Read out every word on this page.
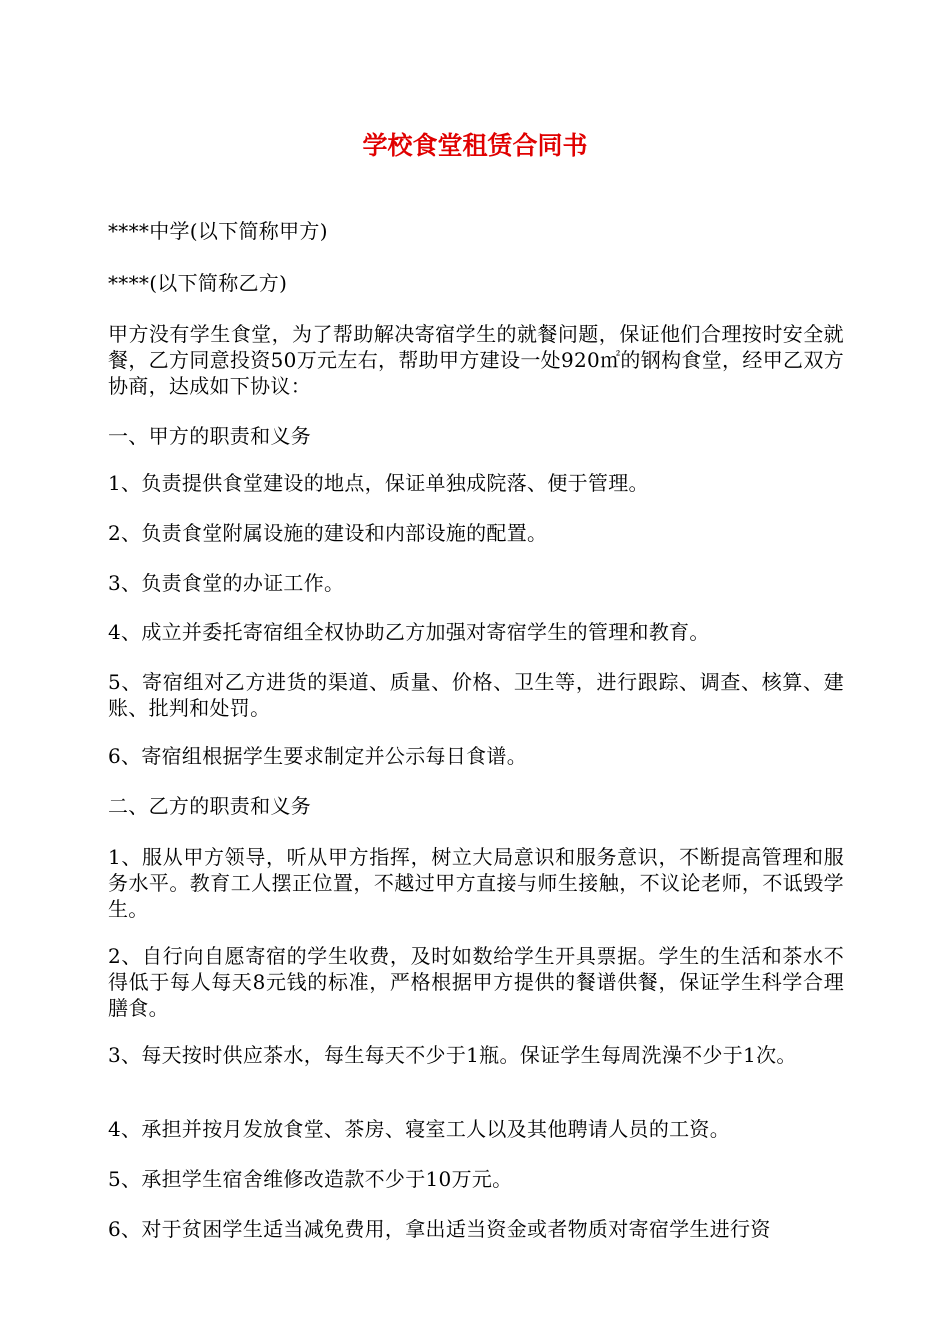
学校食堂租赁合同书

****中学(以下简称甲方)

****(以下简称乙方)

甲方没有学生食堂，为了帮助解决寄宿学生的就餐问题，保证他们合理按时安全就餐，乙方同意投资50万元左右，帮助甲方建设一处920㎡的钢构食堂，经甲乙双方协商，达成如下协议：

一、甲方的职责和义务

1、负责提供食堂建设的地点，保证单独成院落、便于管理。

2、负责食堂附属设施的建设和内部设施的配置。

3、负责食堂的办证工作。

4、成立并委托寄宿组全权协助乙方加强对寄宿学生的管理和教育。

5、寄宿组对乙方进货的渠道、质量、价格、卫生等，进行跟踪、调查、核算、建账、批判和处罚。

6、寄宿组根据学生要求制定并公示每日食谱。

二、乙方的职责和义务

1、服从甲方领导，听从甲方指挥，树立大局意识和服务意识，不断提高管理和服务水平。教育工人摆正位置，不越过甲方直接与师生接触，不议论老师，不诋毁学生。

2、自行向自愿寄宿的学生收费，及时如数给学生开具票据。学生的生活和茶水不得低于每人每天8元钱的标准，严格根据甲方提供的餐谱供餐，保证学生科学合理膳食。

3、每天按时供应茶水，每生每天不少于1瓶。保证学生每周洗澡不少于1次。

4、承担并按月发放食堂、茶房、寝室工人以及其他聘请人员的工资。

5、承担学生宿舍维修改造款不少于10万元。

6、对于贫困学生适当减免费用，拿出适当资金或者物质对寄宿学生进行资
